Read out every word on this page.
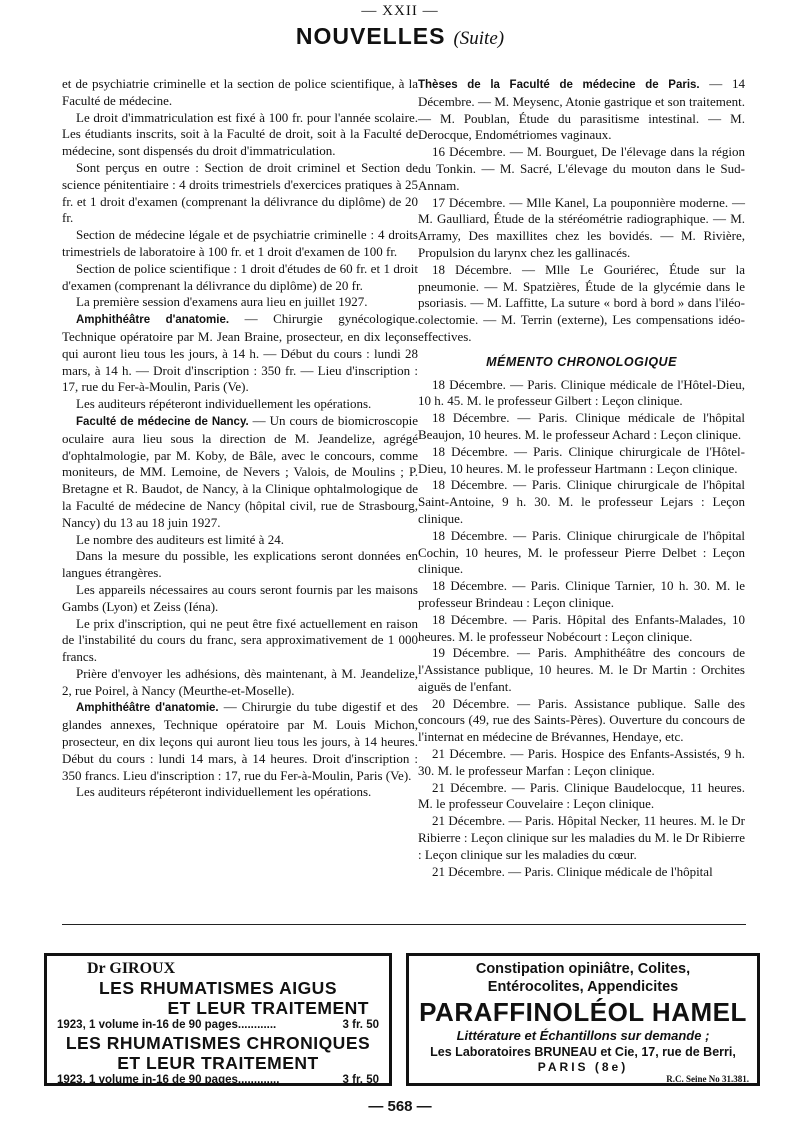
— XXII —
NOUVELLES (Suite)

et de psychiatrie criminelle et la section de police scientifique, à la Faculté de médecine.

Le droit d'immatriculation est fixé à 100 fr. pour l'année scolaire. Les étudiants inscrits, soit à la Faculté de droit, soit à la Faculté de médecine, sont dispensés du droit d'immatriculation.

Sont perçus en outre : Section de droit criminel et Section de science pénitentiaire : 4 droits trimestriels d'exercices pratiques à 25 fr. et 1 droit d'examen (comprenant la délivrance du diplôme) de 20 fr.

Section de médecine légale et de psychiatrie criminelle : 4 droits trimestriels de laboratoire à 100 fr. et 1 droit d'examen de 100 fr.

Section de police scientifique : 1 droit d'études de 60 fr. et 1 droit d'examen (comprenant la délivrance du diplôme) de 20 fr.

La première session d'examens aura lieu en juillet 1927.

Amphithéâtre d'anatomie. — Chirurgie gynécologique. Technique opératoire par M. Jean Braine, prosecteur, en dix leçons qui auront lieu tous les jours, à 14 h. — Début du cours : lundi 28 mars, à 14 h. — Droit d'inscription : 350 fr. — Lieu d'inscription : 17, rue du Fer-à-Moulin, Paris (Ve).

Les auditeurs répéteront individuellement les opérations.

Faculté de médecine de Nancy. — Un cours de biomicroscopie oculaire aura lieu sous la direction de M. Jeandelize, agrégé d'ophtalmologie, par M. Koby, de Bâle, avec le concours, comme moniteurs, de MM. Lemoine, de Nevers ; Valois, de Moulins ; P. Bretagne et R. Baudot, de Nancy, à la Clinique ophtalmologique de la Faculté de médecine de Nancy (hôpital civil, rue de Strasbourg, Nancy) du 13 au 18 juin 1927.

Le nombre des auditeurs est limité à 24.

Dans la mesure du possible, les explications seront données en langues étrangères.

Les appareils nécessaires au cours seront fournis par les maisons Gambs (Lyon) et Zeiss (Iéna).

Le prix d'inscription, qui ne peut être fixé actuellement en raison de l'instabilité du cours du franc, sera approximativement de 1 000 francs.

Prière d'envoyer les adhésions, dès maintenant, à M. Jeandelize, 2, rue Poirel, à Nancy (Meurthe-et-Moselle).

Amphithéâtre d'anatomie. — Chirurgie du tube digestif et des glandes annexes, Technique opératoire par M. Louis Michon, prosecteur, en dix leçons qui auront lieu tous les jours, à 14 heures. Début du cours : lundi 14 mars, à 14 heures. Droit d'inscription : 350 francs. Lieu d'inscription : 17, rue du Fer-à-Moulin, Paris (Ve).

Les auditeurs répéteront individuellement les opérations.

Thèses de la Faculté de médecine de Paris. — 14 Décembre. — M. Meysenc, Atonie gastrique et son traitement. — M. Poublan, Étude du parasitisme intestinal. — M. Derocque, Endométriomes vaginaux.

16 Décembre. — M. Bourguet, De l'élevage dans la région du Tonkin. — M. Sacré, L'élevage du mouton dans le Sud-Annam.

17 Décembre. — Mlle Kanel, La pouponnière moderne. — M. Gaulliard, Étude de la stéréométrie radiographique. — M. Arramy, Des maxillites chez les bovidés. — M. Rivière, Propulsion du larynx chez les gallinacés.

18 Décembre. — Mlle Le Gouriérec, Étude sur la pneumonie. — M. Spatzières, Étude de la glycémie dans le psoriasis. — M. Laffitte, La suture « bord à bord » dans l'iléo-colectomie. — M. Terrin (externe), Les compensations idéo-effectives.

MÉMENTO CHRONOLOGIQUE

18 Décembre. — Paris. Clinique médicale de l'Hôtel-Dieu, 10 h. 45. M. le professeur Gilbert : Leçon clinique.

18 Décembre. — Paris. Clinique médicale de l'hôpital Beaujon, 10 heures. M. le professeur Achard : Leçon clinique.

18 Décembre. — Paris. Clinique chirurgicale de l'Hôtel-Dieu, 10 heures. M. le professeur Hartmann : Leçon clinique.

18 Décembre. — Paris. Clinique chirurgicale de l'hôpital Saint-Antoine, 9 h. 30. M. le professeur Lejars : Leçon clinique.

18 Décembre. — Paris. Clinique chirurgicale de l'hôpital Cochin, 10 heures, M. le professeur Pierre Delbet : Leçon clinique.

18 Décembre. — Paris. Clinique Tarnier, 10 h. 30. M. le professeur Brindeau : Leçon clinique.

18 Décembre. — Paris. Hôpital des Enfants-Malades, 10 heures. M. le professeur Nobécourt : Leçon clinique.

19 Décembre. — Paris. Amphithéâtre des concours de l'Assistance publique, 10 heures. M. le Dr Martin : Orchites aiguës de l'enfant.

20 Décembre. — Paris. Assistance publique. Salle des concours (49, rue des Saints-Pères). Ouverture du concours de l'internat en médecine de Brévannes, Hendaye, etc.

21 Décembre. — Paris. Hospice des Enfants-Assistés, 9 h. 30. M. le professeur Marfan : Leçon clinique.

21 Décembre. — Paris. Clinique Baudelocque, 11 heures. M. le professeur Couvelaire : Leçon clinique.

21 Décembre. — Paris. Hôpital Necker, 11 heures. M. le Dr Ribierre : Leçon clinique sur les maladies du M. le Dr Ribierre : Leçon clinique sur les maladies du cœur.

21 Décembre. — Paris. Clinique médicale de l'hôpital

Dr GIROUX
LES RHUMATISMES AIGUS
ET LEUR TRAITEMENT
1923, 1 volume in-16 de 90 pages............	3 fr. 50
LES RHUMATISMES CHRONIQUES
ET LEUR TRAITEMENT
1923, 1 volume in-16 de 90 pages.............	3 fr. 50
Constipation opiniâtre, Colites,
Entérocolites, Appendicites
PARAFFINOLÉOL HAMEL
Littérature et Échantillons sur demande ;
Les Laboratoires BRUNEAU et Cie, 17, rue de Berri,
PARIS (8e)
R.C. Seine No 31.381.
— 568 —
